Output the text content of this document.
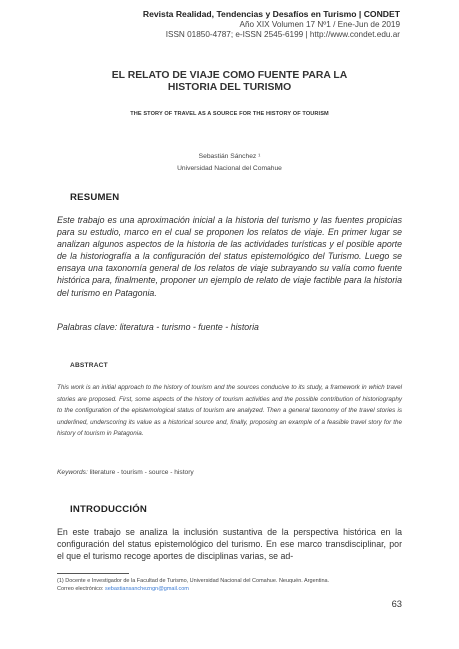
Revista Realidad, Tendencias y Desafíos en Turismo | CONDET
Año XIX Volumen 17 Nº1 / Ene-Jun de 2019
ISSN 01850-4787; e-ISSN 2545-6199 | http://www.condet.edu.ar
EL RELATO DE VIAJE COMO FUENTE PARA LA
HISTORIA DEL TURISMO
THE STORY OF TRAVEL AS A SOURCE FOR THE HISTORY OF TOURISM
Sebastián Sánchez ¹
Universidad Nacional del Comahue
RESUMEN
Este trabajo es una aproximación inicial a la historia del turismo y las fuentes propicias para su estudio, marco en el cual se proponen los relatos de viaje. En primer lugar se analizan algunos aspectos de la historia de las actividades turísticas y el posible aporte de la historiografía a la configuración del status epistemológico del Turismo. Luego se ensaya una taxonomía general de los relatos de viaje subrayando su valía como fuente histórica para, finalmente, proponer un ejemplo de relato de viaje factible para la historia del turismo en Patagonia.
Palabras clave: literatura - turismo - fuente - historia
ABSTRACT
This work is an initial approach to the history of tourism and the sources conducive to its study, a framework in which travel stories are proposed. First, some aspects of the history of tourism activities and the possible contribution of historiography to the configuration of the epistemological status of tourism are analyzed. Then a general taxonomy of the travel stories is underlined, underscoring its value as a historical source and, finally, proposing an example of a feasible travel story for the history of tourism in Patagonia.
Keywords: literature - tourism - source - history
INTRODUCCIÓN
En este trabajo se analiza la inclusión sustantiva de la perspectiva histórica en la configuración del status epistemológico del turismo. En ese marco transdisciplinar, por el que el turismo recoge aportes de disciplinas varias, se ad-
(1) Docente e Investigador de la Facultad de Turismo, Universidad Nacional del Comahue. Neuquén. Argentina.
Correo electrónico: sebastiansanchezngn@gmail.com
63
